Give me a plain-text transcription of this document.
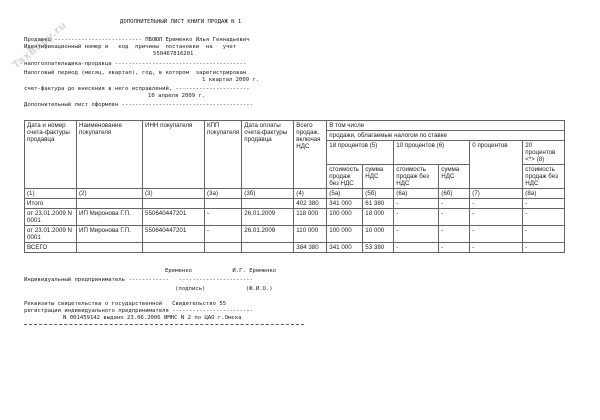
TaxBaby.ru	ДОПОЛНИТЕЛЬНЫЙ ЛИСТ КНИГИ ПРОДАЖ N 1
Продавец -------------------------- ПБОЮЛ Еременко Илья Геннадьевич
Идентификационный номер и   код  причины  постановки  на   учет
550467816201
налогоплательщика-продавца ---------------------------------------
Налоговый период (месяц, квартал), год, в котором  зарегистрирован
1 квартал 2009 г.
счет-фактура до внесения в него исправлений, ----------------------
10 апреля 2009 г.
Дополнительный лист оформлен ---------------------------------------
Дата и номер счета-фактуры продавца	Наименование покупателя	ИНН покупателя	КПП покупателя	Дата оплаты счета-фактуры продавца	Всего продаж, включая НДС	В том числе					
						продажи, облагаемые налогом по ставке					
						18 процентов (5)		10 процентов (6)		0 процентов	20 процентов <*> (8)
						стоимость продаж без НДС	сумма НДС	стоимость продаж без НДС	сумма НДС		стоимость продаж без НДС
(1)	(2)	(3)	(3а)	(3б)	(4)	(5а)	(5б)	(6а)	(6б)	(7)	(8а)
Итого					402 380	341 000	61 380	-	-	-	-
от 23.01.2009 N 0001	ИП Миронова Г.П.	550640447201	-	26.01.2009	118 000	100 000	18 000	-	-	-	-
от 23.01.2009 N 0001	ИП Миронова Г.П.	550640447201	-	26.01.2009	110 000	100 000	10 000	-	-	-	-
ВСЕГО					384 380	341 000	53 380	-	-	-	-
Еременко            И.Г. Еременко
Индивидуальный предприниматель ------------   ----------------------
(подпись)            (Ф.И.О.)
Реквизиты свидетельства о государственной   Свидетельство 55
регистрации индивидуального предпринимателя ------------------------
N 001459142 выдано 23.06.2006 ИМНС N 2 по ЦАО г.Омска
